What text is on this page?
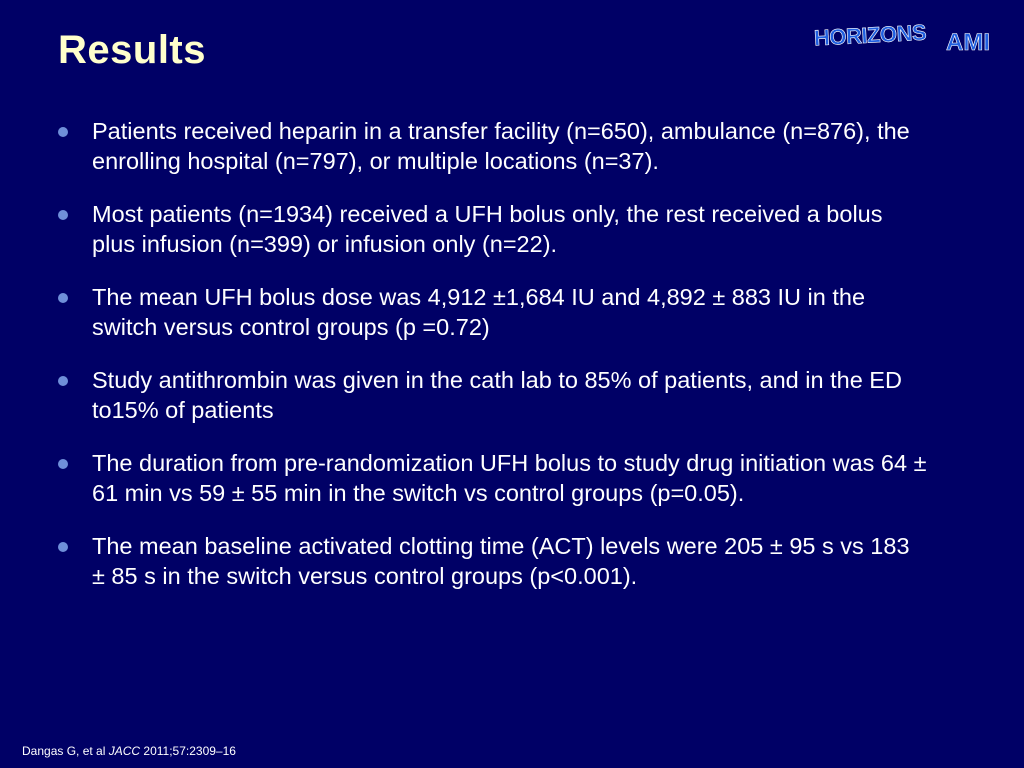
Results	HORIZONS AMI
Patients received heparin in a transfer facility (n=650), ambulance (n=876), the enrolling hospital (n=797), or multiple locations (n=37).
Most patients (n=1934) received a UFH bolus only, the rest received a bolus plus infusion (n=399) or infusion only (n=22).
The mean UFH bolus dose was 4,912 ±1,684 IU and 4,892 ± 883 IU in the switch versus control groups (p =0.72)
Study antithrombin was given in the cath lab to 85% of patients, and in the ED to15% of patients
The duration from pre-randomization UFH bolus to study drug initiation was 64 ± 61 min vs 59 ± 55 min in the switch vs control groups (p=0.05).
The mean baseline activated clotting time (ACT) levels were 205 ± 95 s vs 183 ± 85 s in the switch versus control groups (p<0.001).
Dangas G, et al JACC 2011;57:2309–16
